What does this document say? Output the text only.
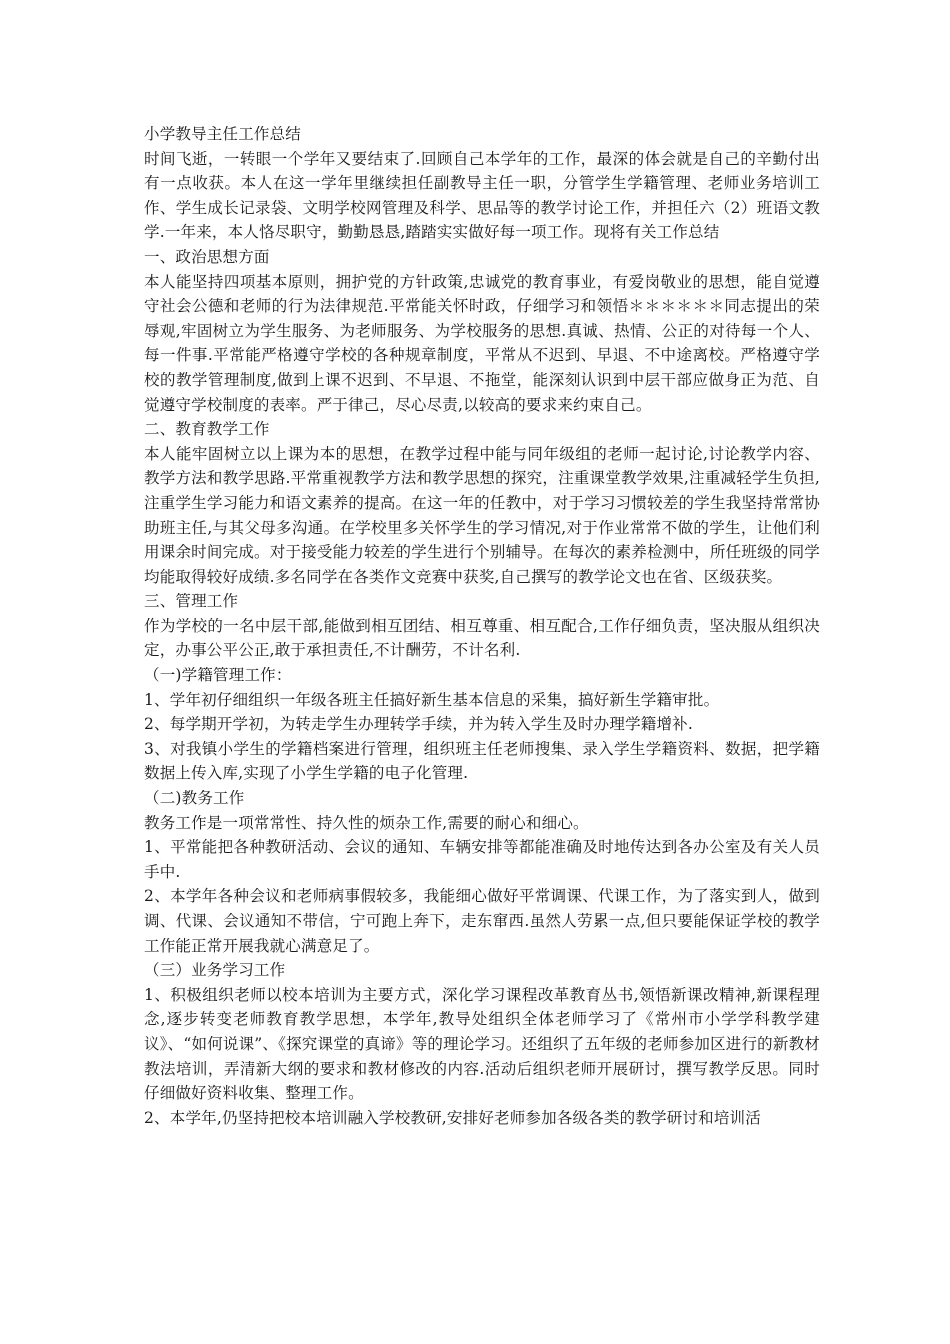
小学教导主任工作总结

时间飞逝，一转眼一个学年又要结束了.回顾自己本学年的工作，最深的体会就是自己的辛勤付出有一点收获。本人在这一学年里继续担任副教导主任一职，分管学生学籍管理、老师业务培训工作、学生成长记录袋、文明学校网管理及科学、思品等的教学讨论工作，并担任六（2）班语文教学.一年来，本人恪尽职守，勤勤恳恳,踏踏实实做好每一项工作。现将有关工作总结

一、政治思想方面

本人能坚持四项基本原则，拥护党的方针政策,忠诚党的教育事业，有爱岗敬业的思想，能自觉遵守社会公德和老师的行为法律规范.平常能关怀时政，仔细学习和领悟＊＊＊＊＊＊同志提出的荣辱观,牢固树立为学生服务、为老师服务、为学校服务的思想.真诚、热情、公正的对待每一个人、每一件事.平常能严格遵守学校的各种规章制度，平常从不迟到、早退、不中途离校。严格遵守学校的教学管理制度,做到上课不迟到、不早退、不拖堂，能深刻认识到中层干部应做身正为范、自觉遵守学校制度的表率。严于律己，尽心尽责,以较高的要求来约束自己。

二、教育教学工作

本人能牢固树立以上课为本的思想，在教学过程中能与同年级组的老师一起讨论,讨论教学内容、教学方法和教学思路.平常重视教学方法和教学思想的探究，注重课堂教学效果,注重减轻学生负担,注重学生学习能力和语文素养的提高。在这一年的任教中，对于学习习惯较差的学生我坚持常常协助班主任,与其父母多沟通。在学校里多关怀学生的学习情况,对于作业常常不做的学生，让他们利用课余时间完成。对于接受能力较差的学生进行个别辅导。在每次的素养检测中，所任班级的同学均能取得较好成绩.多名同学在各类作文竞赛中获奖,自己撰写的教学论文也在省、区级获奖。

三、管理工作

作为学校的一名中层干部,能做到相互团结、相互尊重、相互配合,工作仔细负责，坚决服从组织决定，办事公平公正,敢于承担责任,不计酬劳，不计名利.

（一)学籍管理工作：

1、学年初仔细组织一年级各班主任搞好新生基本信息的采集，搞好新生学籍审批。

2、每学期开学初，为转走学生办理转学手续，并为转入学生及时办理学籍增补.

3、对我镇小学生的学籍档案进行管理，组织班主任老师搜集、录入学生学籍资料、数据，把学籍数据上传入库,实现了小学生学籍的电子化管理.

（二)教务工作

教务工作是一项常常性、持久性的烦杂工作,需要的耐心和细心。

1、平常能把各种教研活动、会议的通知、车辆安排等都能准确及时地传达到各办公室及有关人员手中.

2、本学年各种会议和老师病事假较多，我能细心做好平常调课、代课工作，为了落实到人，做到调、代课、会议通知不带信，宁可跑上奔下，走东窜西.虽然人劳累一点,但只要能保证学校的教学工作能正常开展我就心满意足了。

（三）业务学习工作

1、积极组织老师以校本培训为主要方式，深化学习课程改革教育丛书,领悟新课改精神,新课程理念,逐步转变老师教育教学思想，本学年,教导处组织全体老师学习了《常州市小学学科教学建议》、“如何说课”、《探究课堂的真谛》等的理论学习。还组织了五年级的老师参加区进行的新教材教法培训，弄清新大纲的要求和教材修改的内容.活动后组织老师开展研讨，撰写教学反思。同时仔细做好资料收集、整理工作。

2、本学年,仍坚持把校本培训融入学校教研,安排好老师参加各级各类的教学研讨和培训活
